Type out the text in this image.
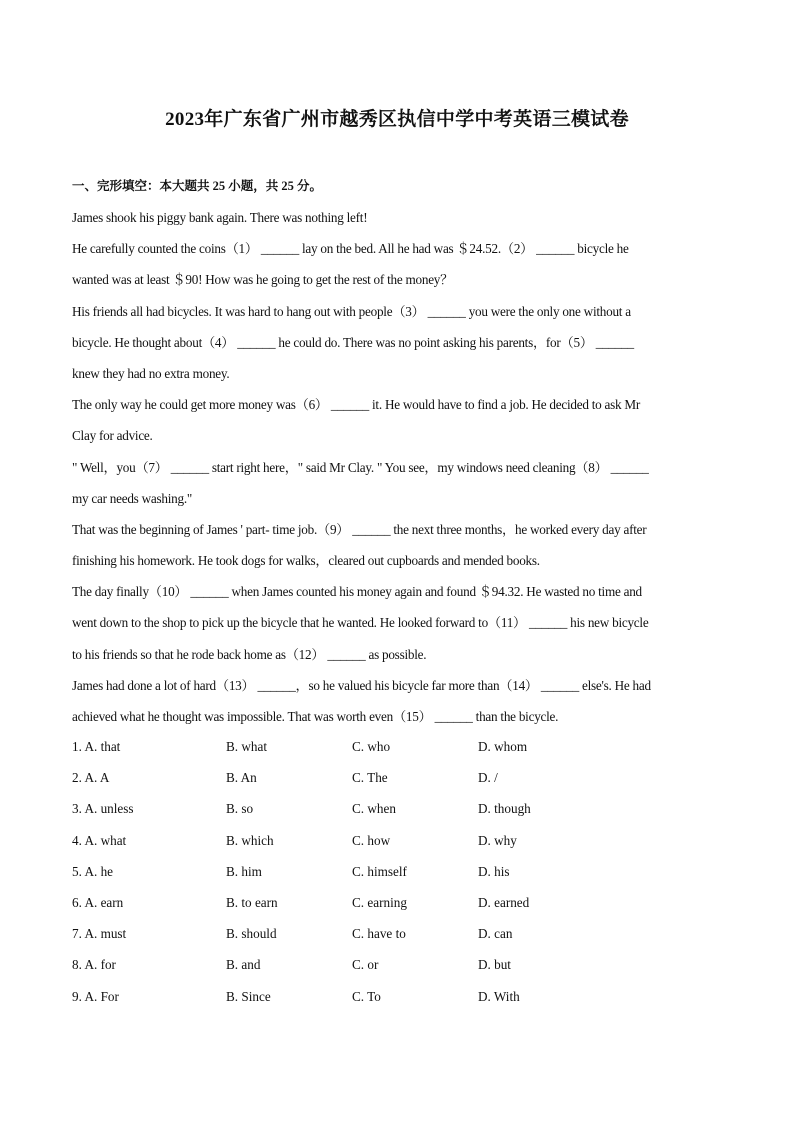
2023年广东省广州市越秀区执信中学中考英语三模试卷
一、完形填空：本大题共 25 小题，共 25 分。
James shook his piggy bank again. There was nothing left!
He carefully counted the coins（1） ______ lay on the bed. All he had was ＄24.52.（2） ______ bicycle he
wanted was at least ＄90! How was he going to get the rest of the money？
His friends all had bicycles. It was hard to hang out with people（3） ______ you were the only one without a
bicycle. He thought about（4） ______ he could do. There was no point asking his parents，for（5） ______
knew they had no extra money.
The only way he could get more money was（6） ______ it. He would have to find a job. He decided to ask Mr
Clay for advice.
" Well，you（7） ______ start right here，" said Mr Clay. " You see，my windows need cleaning（8） ______
my car needs washing."
That was the beginning of James ' part- time job.（9） ______ the next three months，he worked every day after
finishing his homework. He took dogs for walks，cleared out cupboards and mended books.
The day finally（10） ______ when James counted his money again and found ＄94.32. He wasted no time and
went down to the shop to pick up the bicycle that he wanted. He looked forward to（11） ______ his new bicycle
to his friends so that he rode back home as（12） ______ as possible.
James had done a lot of hard（13） ______，so he valued his bicycle far more than（14） ______ else's. He had
achieved what he thought was impossible. That was worth even（15） ______ than the bicycle.
1. A. that	B. what	C. who	D. whom
2. A. A	B. An	C. The	D. /
3. A. unless	B. so	C. when	D. though
4. A. what	B. which	C. how	D. why
5. A. he	B. him	C. himself	D. his
6. A. earn	B. to earn	C. earning	D. earned
7. A. must	B. should	C. have to	D. can
8. A. for	B. and	C. or	D. but
9. A. For	B. Since	C. To	D. With
